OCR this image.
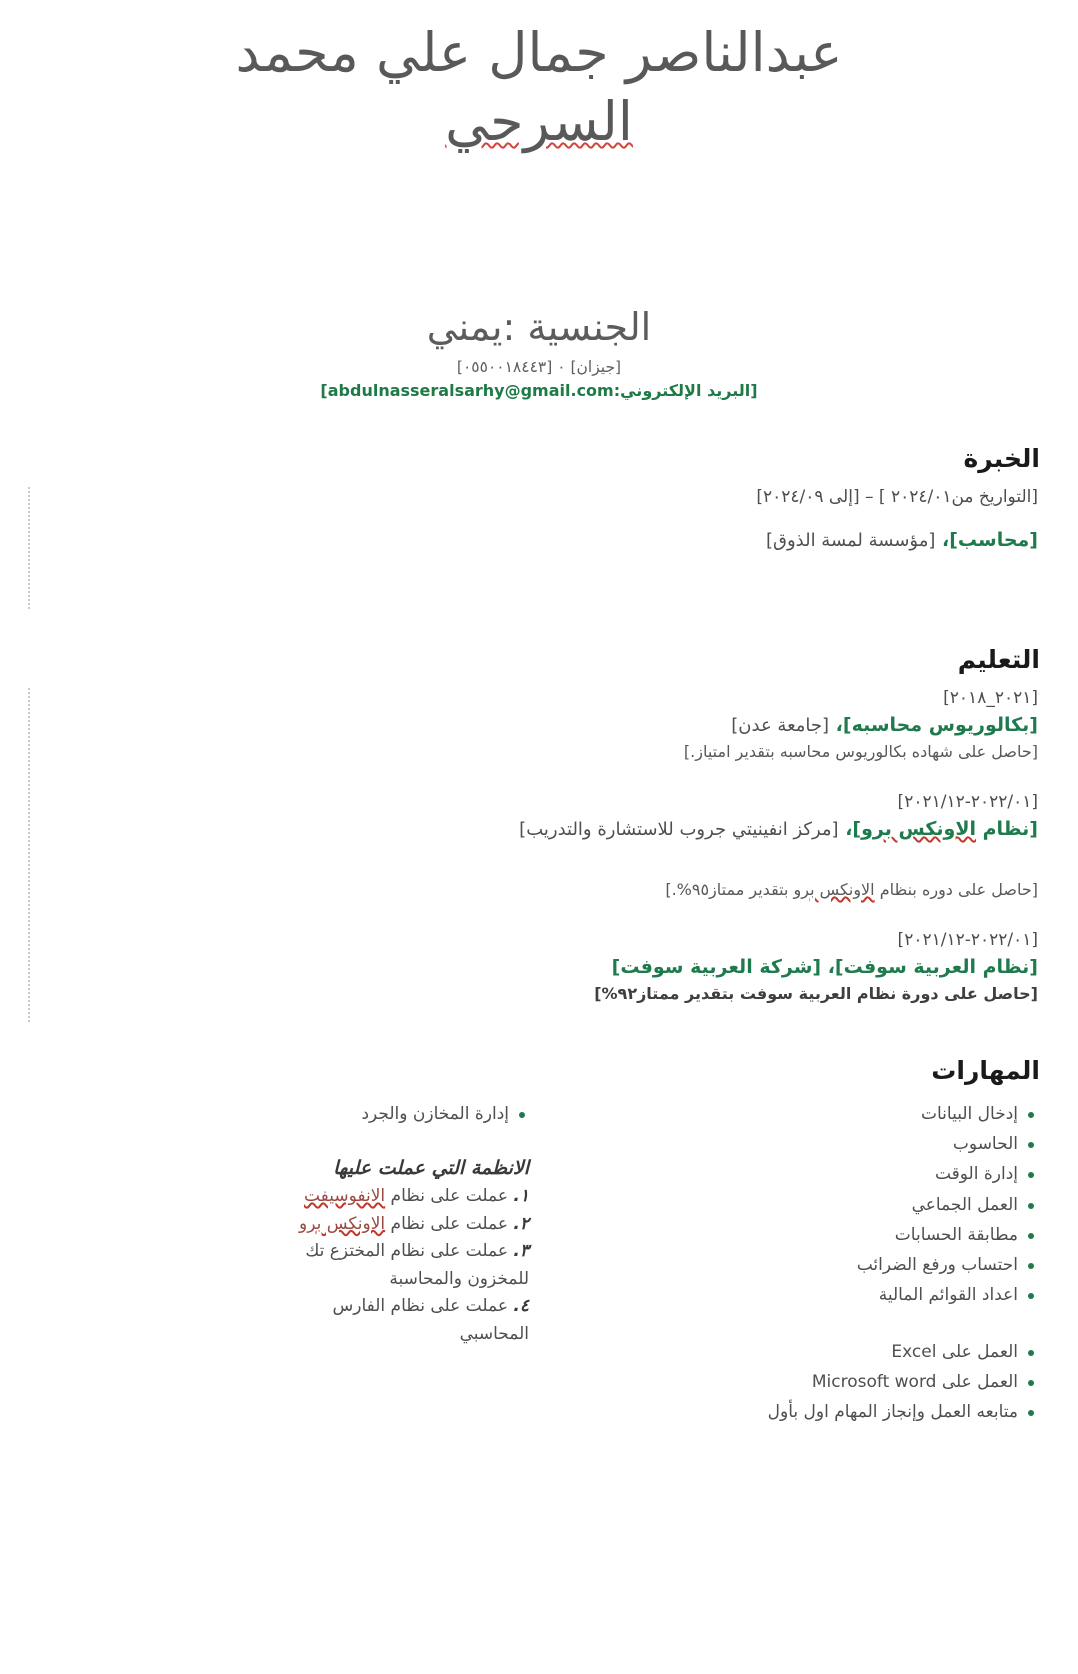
عبدالناصر جمال علي محمد
السرحي
الجنسية :يمني
[جيزان] ٠ [٠٥٥٠٠١٨٤٤٣]
[البريد الإلكتروني:abdulnasseralsarhy@gmail.com]
الخبرة
[التواريخ من٢٠٢٤/٠١ ] – [إلى ٢٠٢٤/٠٩]
[محاسب]، [مؤسسة لمسة الذوق]
التعليم
[٢٠٢١_٢٠١٨]
[بكالوريوس محاسبه]، [جامعة عدن]
[حاصل على شهاده بكالوريوس محاسبه بتقدير امتياز.]
[٢٠٢٢/٠١-٢٠٢١/١٢]
[نظام الاونكس برو]، [مركز انفينيتي جروب للاستشارة والتدريب]
[حاصل على دوره بنظام الاونكس برو بتقدير ممتاز٩٥%.]
[٢٠٢٢/٠١-٢٠٢١/١٢]
[نظام العربية سوفت]، [شركة العربية سوفت]
[حاصل على دورة نظام العربية سوفت بتقدير ممتاز٩٢%]
المهارات
إدخال البيانات
الحاسوب
إدارة الوقت
العمل الجماعي
مطابقة الحسابات
احتساب ورفع الضرائب
اعداد القوائم المالية
العمل على Excel
العمل على Microsoft word
متابعه العمل وإنجاز المهام اول بأول
إدارة المخازن والجرد
الانظمة التي عملت عليها
١. عملت على نظام الانفوسيفت
٢. عملت على نظام الاونكس برو
٣. عملت على نظام المختزع تك
للمخزون والمحاسبة
٤. عملت على نظام الفارس
المحاسبي
